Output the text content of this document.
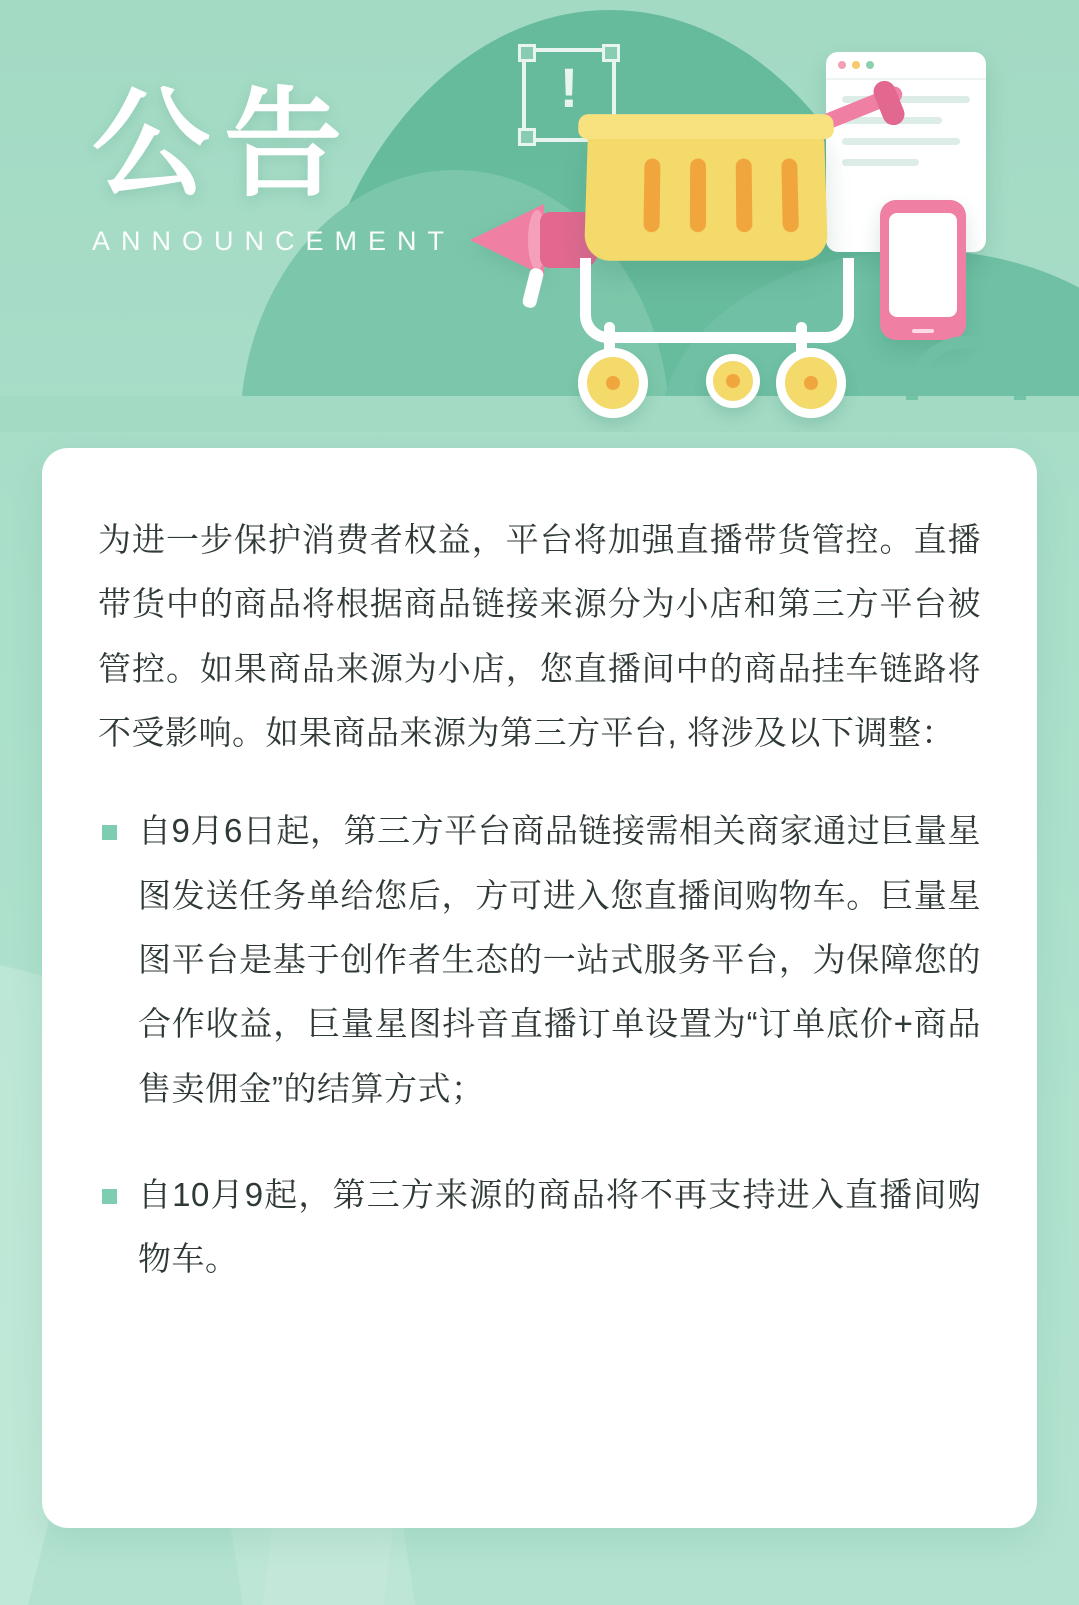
!
公告
ANNOUNCEMENT

为进一步保护消费者权益，平台将加强直播带货管控。直播带货中的商品将根据商品链接来源分为小店和第三方平台被管控。如果商品来源为小店，您直播间中的商品挂车链路将不受影响。如果商品来源为第三方平台, 将涉及以下调整：

自9月6日起，第三方平台商品链接需相关商家通过巨量星图发送任务单给您后，方可进入您直播间购物车。巨量星图平台是基于创作者生态的一站式服务平台，为保障您的合作收益，巨量星图抖音直播订单设置为“订单底价+商品售卖佣金”的结算方式；
自10月9起，第三方来源的商品将不再支持进入直播间购物车。
